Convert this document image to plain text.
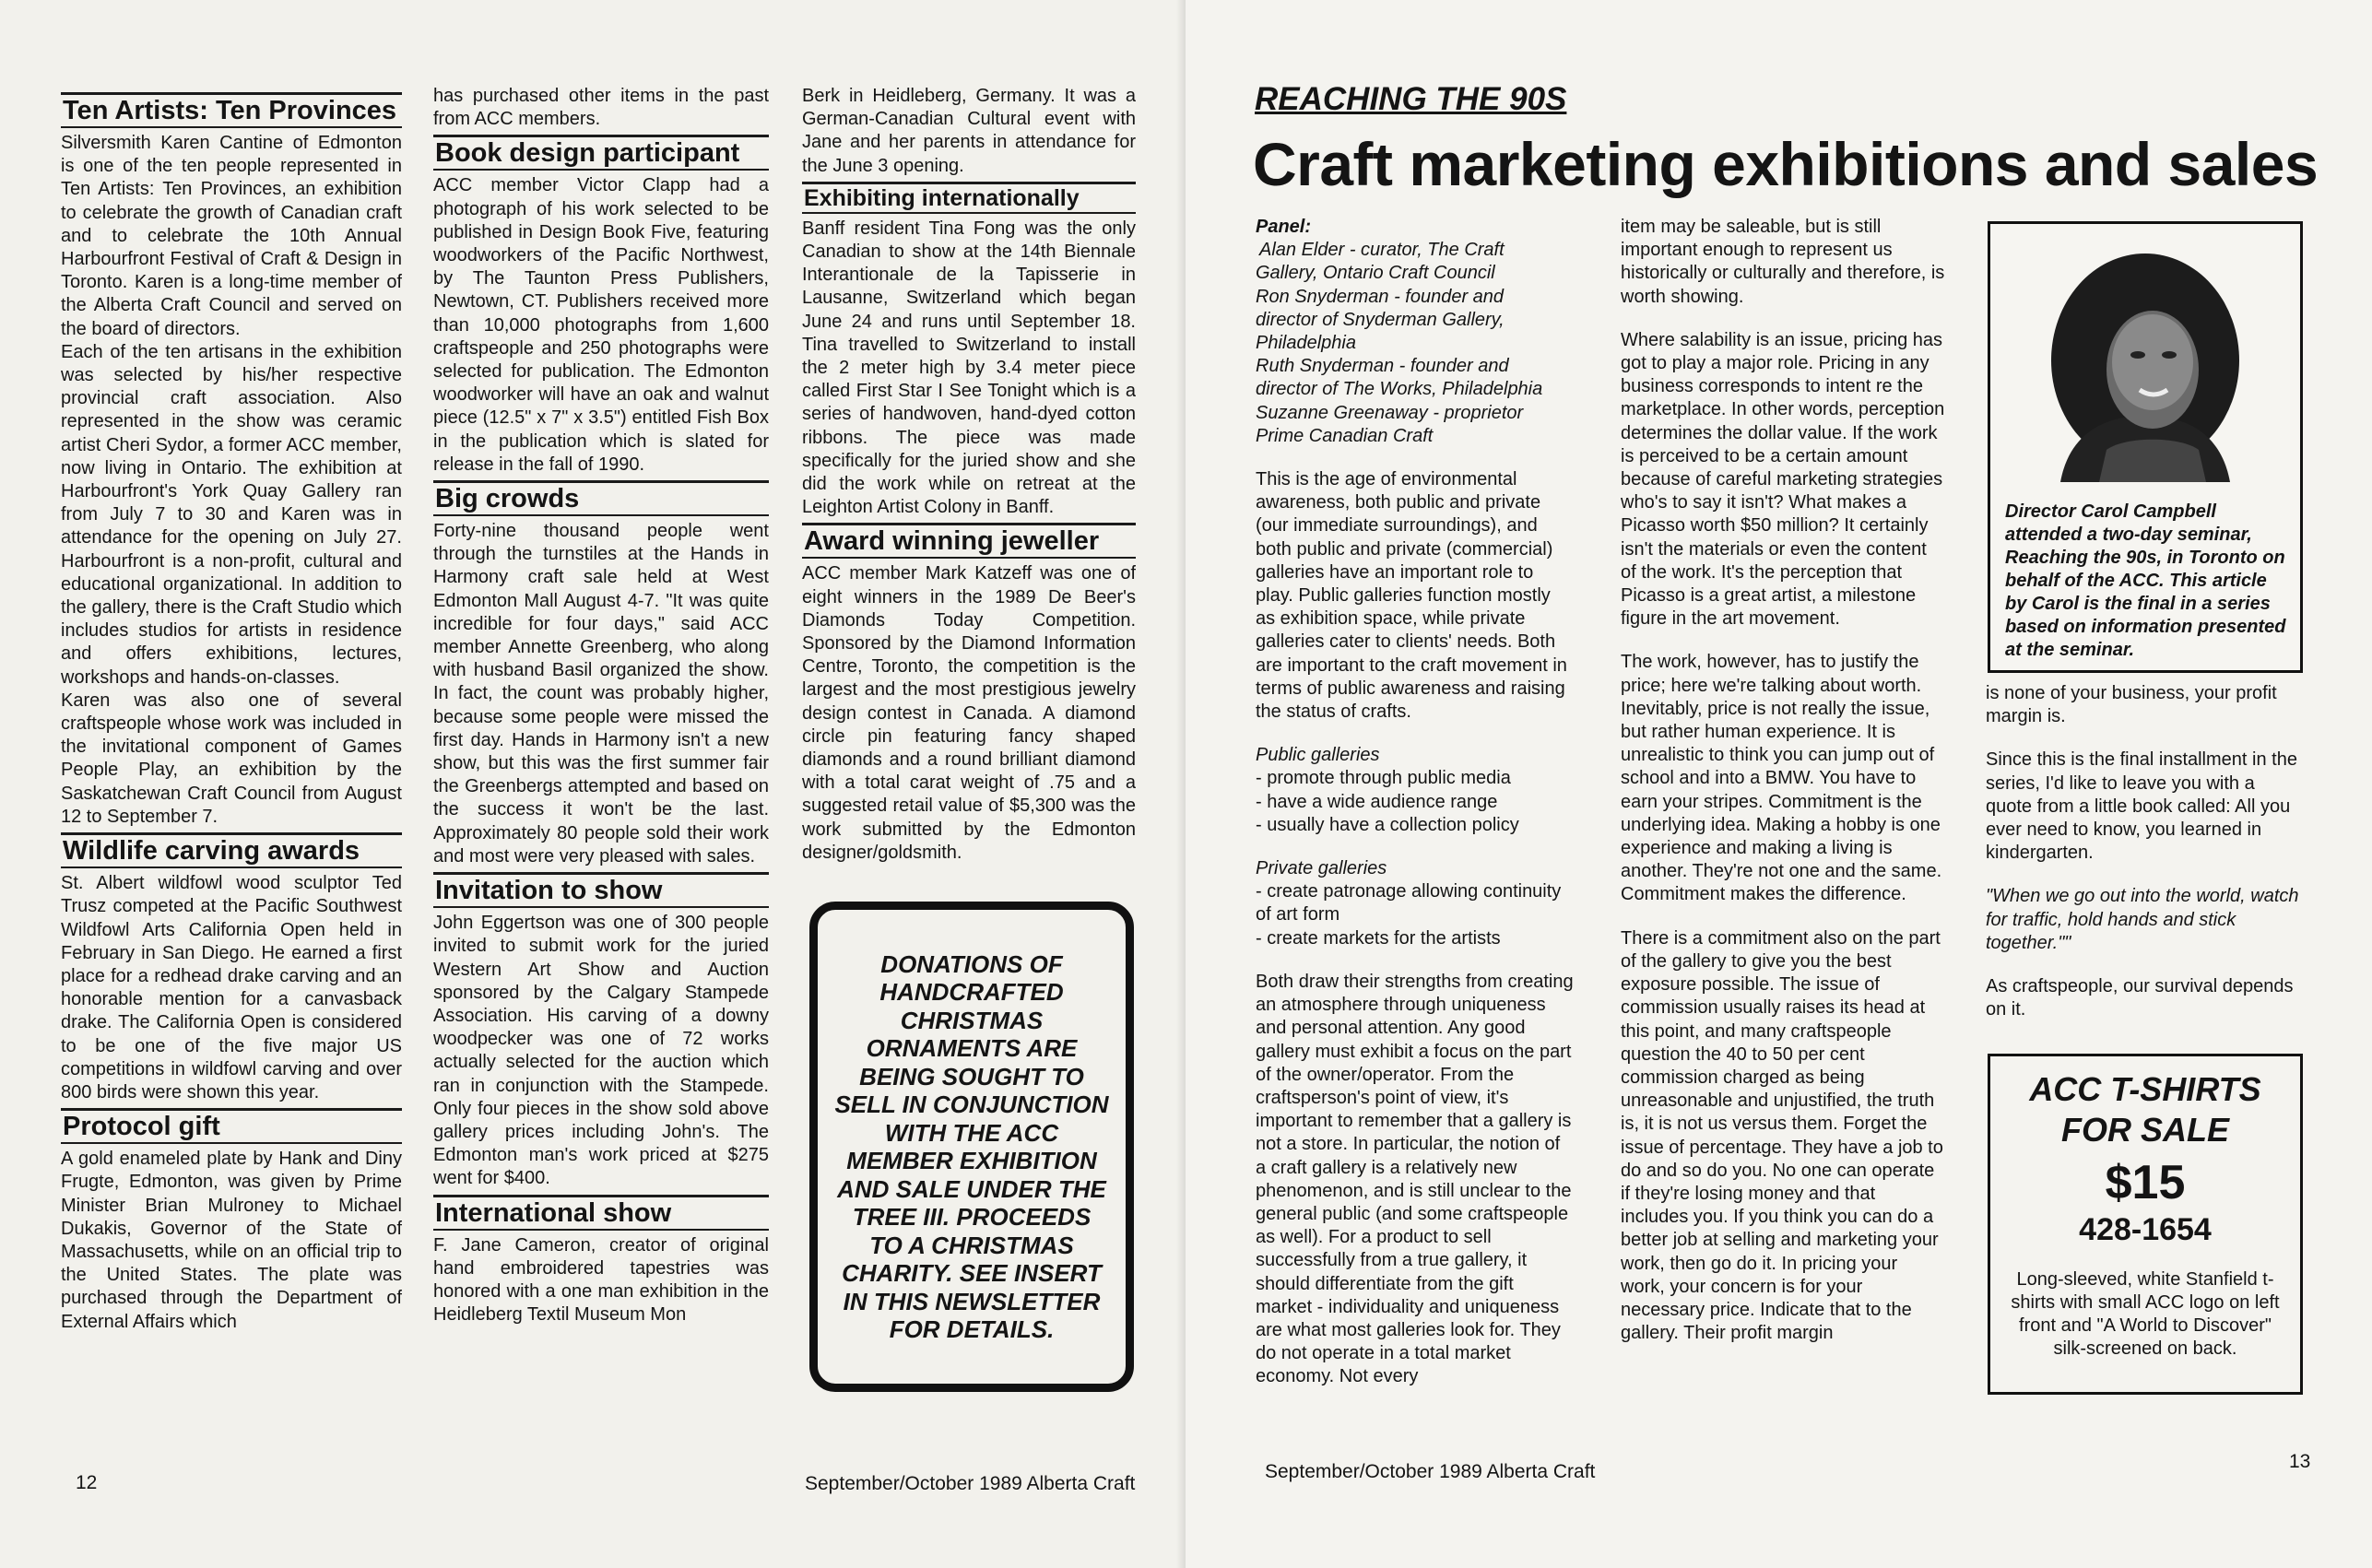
Ten Artists: Ten Provinces

Silversmith Karen Cantine of Edmonton is one of the ten people represented in Ten Artists: Ten Provinces, an exhibition to celebrate the growth of Canadian craft and to celebrate the 10th Annual Harbourfront Festival of Craft & Design in Toronto. Karen is a long-time member of the Alberta Craft Council and served on the board of directors.

Each of the ten artisans in the exhibition was selected by his/her respective provincial craft association. Also represented in the show was ceramic artist Cheri Sydor, a former ACC member, now living in Ontario. The exhibition at Harbourfront's York Quay Gallery ran from July 7 to 30 and Karen was in attendance for the opening on July 27. Harbourfront is a non-profit, cultural and educational organizational. In addition to the gallery, there is the Craft Studio which includes studios for artists in residence and offers exhibitions, lectures, workshops and hands-on-classes.

Karen was also one of several craftspeople whose work was included in the invitational component of Games People Play, an exhibition by the Saskatchewan Craft Council from August 12 to September 7.

Wildlife carving awards

St. Albert wildfowl wood sculptor Ted Trusz competed at the Pacific Southwest Wildfowl Arts California Open held in February in San Diego. He earned a first place for a redhead drake carving and an honorable mention for a canvasback drake. The California Open is considered to be one of the five major US competitions in wildfowl carving and over 800 birds were shown this year.

Protocol gift

A gold enameled plate by Hank and Diny Frugte, Edmonton, was given by Prime Minister Brian Mulroney to Michael Dukakis, Governor of the State of Massachusetts, while on an official trip to the United States. The plate was purchased through the Department of External Affairs which

has purchased other items in the past from ACC members.

Book design participant

ACC member Victor Clapp had a photograph of his work selected to be published in Design Book Five, featuring woodworkers of the Pacific Northwest, by The Taunton Press Publishers, Newtown, CT. Publishers received more than 10,000 photographs from 1,600 craftspeople and 250 photographs were selected for publication. The Edmonton woodworker will have an oak and walnut piece (12.5" x 7" x 3.5") entitled Fish Box in the publication which is slated for release in the fall of 1990.

Big crowds

Forty-nine thousand people went through the turnstiles at the Hands in Harmony craft sale held at West Edmonton Mall August 4-7. "It was quite incredible for four days," said ACC member Annette Greenberg, who along with husband Basil organized the show. In fact, the count was probably higher, because some people were missed the first day. Hands in Harmony isn't a new show, but this was the first summer fair the Greenbergs attempted and based on the success it won't be the last. Approximately 80 people sold their work and most were very pleased with sales.

Invitation to show

John Eggertson was one of 300 people invited to submit work for the juried Western Art Show and Auction sponsored by the Calgary Stampede Association. His carving of a downy woodpecker was one of 72 works actually selected for the auction which ran in conjunction with the Stampede. Only four pieces in the show sold above gallery prices including John's. The Edmonton man's work priced at $275 went for $400.

International show

F. Jane Cameron, creator of original hand embroidered tapestries was honored with a one man exhibition in the Heidleberg Textil Museum Mon

Berk in Heidleberg, Germany. It was a German-Canadian Cultural event with Jane and her parents in attendance for the June 3 opening.

Exhibiting internationally

Banff resident Tina Fong was the only Canadian to show at the 14th Biennale Interantionale de la Tapisserie in Lausanne, Switzerland which began June 24 and runs until September 18. Tina travelled to Switzerland to install the 2 meter high by 3.4 meter piece called First Star I See Tonight which is a series of handwoven, hand-dyed cotton ribbons. The piece was made specifically for the juried show and she did the work while on retreat at the Leighton Artist Colony in Banff.

Award winning jeweller

ACC member Mark Katzeff was one of eight winners in the 1989 De Beer's Diamonds Today Competition. Sponsored by the Diamond Information Centre, Toronto, the competition is the largest and the most prestigious jewelry design contest in Canada. A diamond circle pin featuring fancy shaped diamonds and a round brilliant diamond with a total carat weight of .75 and a suggested retail value of $5,300 was the work submitted by the Edmonton designer/goldsmith.

DONATIONS OF HANDCRAFTED CHRISTMAS ORNAMENTS ARE BEING SOUGHT TO SELL IN CONJUNCTION WITH THE ACC MEMBER EXHIBITION AND SALE UNDER THE TREE III. PROCEEDS TO A CHRISTMAS CHARITY. SEE INSERT IN THIS NEWSLETTER FOR DETAILS.

12	September/October 1989 Alberta Craft
REACHING THE 90S
Craft marketing exhibitions and sales

Panel:

Alan Elder - curator, The Craft

Gallery, Ontario Craft Council

Ron Snyderman - founder and

director of Snyderman Gallery,

Philadelphia

Ruth Snyderman - founder and

director of The Works, Philadelphia

Suzanne Greenaway - proprietor

Prime Canadian Craft

This is the age of environmental awareness, both public and private (our immediate surroundings), and both public and private (commercial) galleries have an important role to play. Public galleries function mostly as exhibition space, while private galleries cater to clients' needs. Both are important to the craft movement in terms of public awareness and raising the status of crafts.

Public galleries

- promote through public media

- have a wide audience range

- usually have a collection policy

Private galleries

- create patronage allowing continuity of art form

- create markets for the artists

Both draw their strengths from creating an atmosphere through uniqueness and personal attention. Any good gallery must exhibit a focus on the part of the owner/operator. From the craftsperson's point of view, it's important to remember that a gallery is not a store. In particular, the notion of a craft gallery is a relatively new phenomenon, and is still unclear to the general public (and some craftspeople as well). For a product to sell successfully from a true gallery, it should differentiate from the gift market - individuality and uniqueness are what most galleries look for. They do not operate in a total market economy. Not every

item may be saleable, but is still important enough to represent us historically or culturally and therefore, is worth showing.

Where salability is an issue, pricing has got to play a major role. Pricing in any business corresponds to intent re the marketplace. In other words, perception determines the dollar value. If the work is perceived to be a certain amount because of careful marketing strategies who's to say it isn't? What makes a Picasso worth $50 million? It certainly isn't the materials or even the content of the work. It's the perception that Picasso is a great artist, a milestone figure in the art movement.

The work, however, has to justify the price; here we're talking about worth. Inevitably, price is not really the issue, but rather human experience. It is unrealistic to think you can jump out of school and into a BMW. You have to earn your stripes. Commitment is the underlying idea. Making a hobby is one experience and making a living is another. They're not one and the same. Commitment makes the difference.

There is a commitment also on the part of the gallery to give you the best exposure possible. The issue of commission usually raises its head at this point, and many craftspeople question the 40 to 50 per cent commission charged as being unreasonable and unjustified, the truth is, it is not us versus them. Forget the issue of percentage. They have a job to do and so do you. No one can operate if they're losing money and that includes you. If you think you can do a better job at selling and marketing your work, then go do it. In pricing your work, your concern is for your necessary price. Indicate that to the gallery. Their profit margin

Director Carol Campbell attended a two-day seminar, Reaching the 90s, in Toronto on behalf of the ACC. This article by Carol is the final in a series based on information presented at the seminar.

is none of your business, your profit margin is.

Since this is the final installment in the series, I'd like to leave you with a quote from a little book called: All you ever need to know, you learned in kindergarten.

"When we go out into the world, watch for traffic, hold hands and stick together.""

As craftspeople, our survival depends on it.

ACC T-SHIRTS FOR SALE
$15
428-1654
Long-sleeved, white Stanfield t-shirts with small ACC logo on left front and "A World to Discover" silk-screened on back.
September/October 1989 Alberta Craft	13
